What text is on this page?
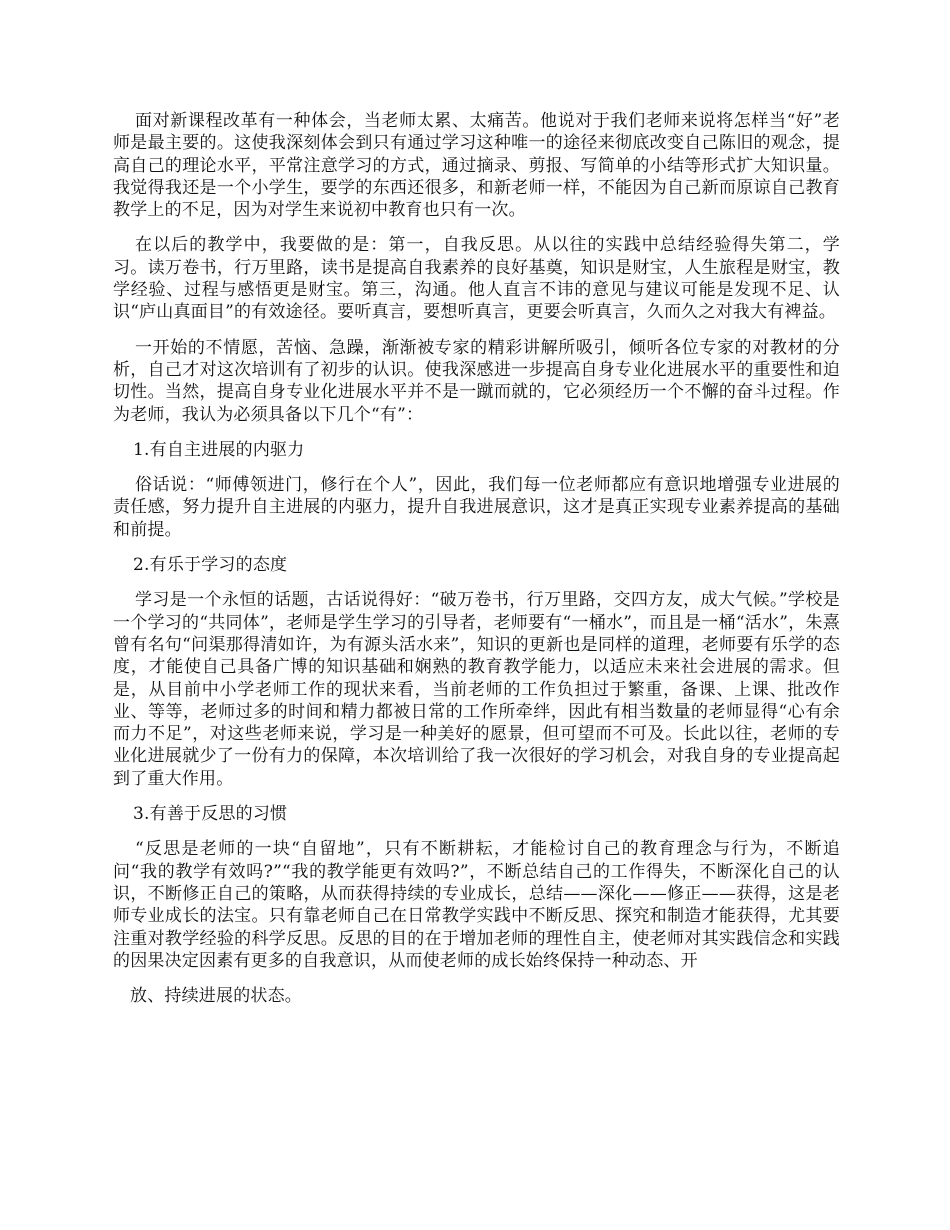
面对新课程改革有一种体会，当老师太累、太痛苦。他说对于我们老师来说将怎样当“好”老师是最主要的。这使我深刻体会到只有通过学习这种唯一的途径来彻底改变自己陈旧的观念，提高自己的理论水平，平常注意学习的方式，通过摘录、剪报、写简单的小结等形式扩大知识量。我觉得我还是一个小学生，要学的东西还很多，和新老师一样，不能因为自己新而原谅自己教育教学上的不足，因为对学生来说初中教育也只有一次。

在以后的教学中，我要做的是：第一，自我反思。从以往的实践中总结经验得失第二，学习。读万卷书，行万里路，读书是提高自我素养的良好基奠，知识是财宝，人生旅程是财宝，教学经验、过程与感悟更是财宝。第三，沟通。他人直言不讳的意见与建议可能是发现不足、认识“庐山真面目”的有效途径。要听真言，要想听真言，更要会听真言，久而久之对我大有裨益。

一开始的不情愿，苦恼、急躁，渐渐被专家的精彩讲解所吸引，倾听各位专家的对教材的分析，自己才对这次培训有了初步的认识。使我深感进一步提高自身专业化进展水平的重要性和迫切性。当然，提高自身专业化进展水平并不是一蹴而就的，它必须经历一个不懈的奋斗过程。作为老师，我认为必须具备以下几个“有”：

1.有自主进展的内驱力

俗话说：“师傅领进门，修行在个人”，因此，我们每一位老师都应有意识地增强专业进展的责任感，努力提升自主进展的内驱力，提升自我进展意识，这才是真正实现专业素养提高的基础和前提。

2.有乐于学习的态度

学习是一个永恒的话题，古话说得好：“破万卷书，行万里路，交四方友，成大气候。”学校是一个学习的“共同体”，老师是学生学习的引导者，老师要有“一桶水”，而且是一桶“活水”，朱熹曾有名句“问渠那得清如许，为有源头活水来”，知识的更新也是同样的道理，老师要有乐学的态度，才能使自己具备广博的知识基础和娴熟的教育教学能力，以适应未来社会进展的需求。但是，从目前中小学老师工作的现状来看，当前老师的工作负担过于繁重，备课、上课、批改作业、等等，老师过多的时间和精力都被日常的工作所牵绊，因此有相当数量的老师显得“心有余而力不足”，对这些老师来说，学习是一种美好的愿景，但可望而不可及。长此以往，老师的专业化进展就少了一份有力的保障，本次培训给了我一次很好的学习机会，对我自身的专业提高起到了重大作用。

3.有善于反思的习惯

“反思是老师的一块“自留地”，只有不断耕耘，才能检讨自己的教育理念与行为，不断追问“我的教学有效吗?”“我的教学能更有效吗?”，不断总结自己的工作得失，不断深化自己的认识，不断修正自己的策略，从而获得持续的专业成长，总结——深化——修正——获得，这是老师专业成长的法宝。只有靠老师自己在日常教学实践中不断反思、探究和制造才能获得，尤其要注重对教学经验的科学反思。反思的目的在于增加老师的理性自主，使老师对其实践信念和实践的因果决定因素有更多的自我意识，从而使老师的成长始终保持一种动态、开

放、持续进展的状态。
